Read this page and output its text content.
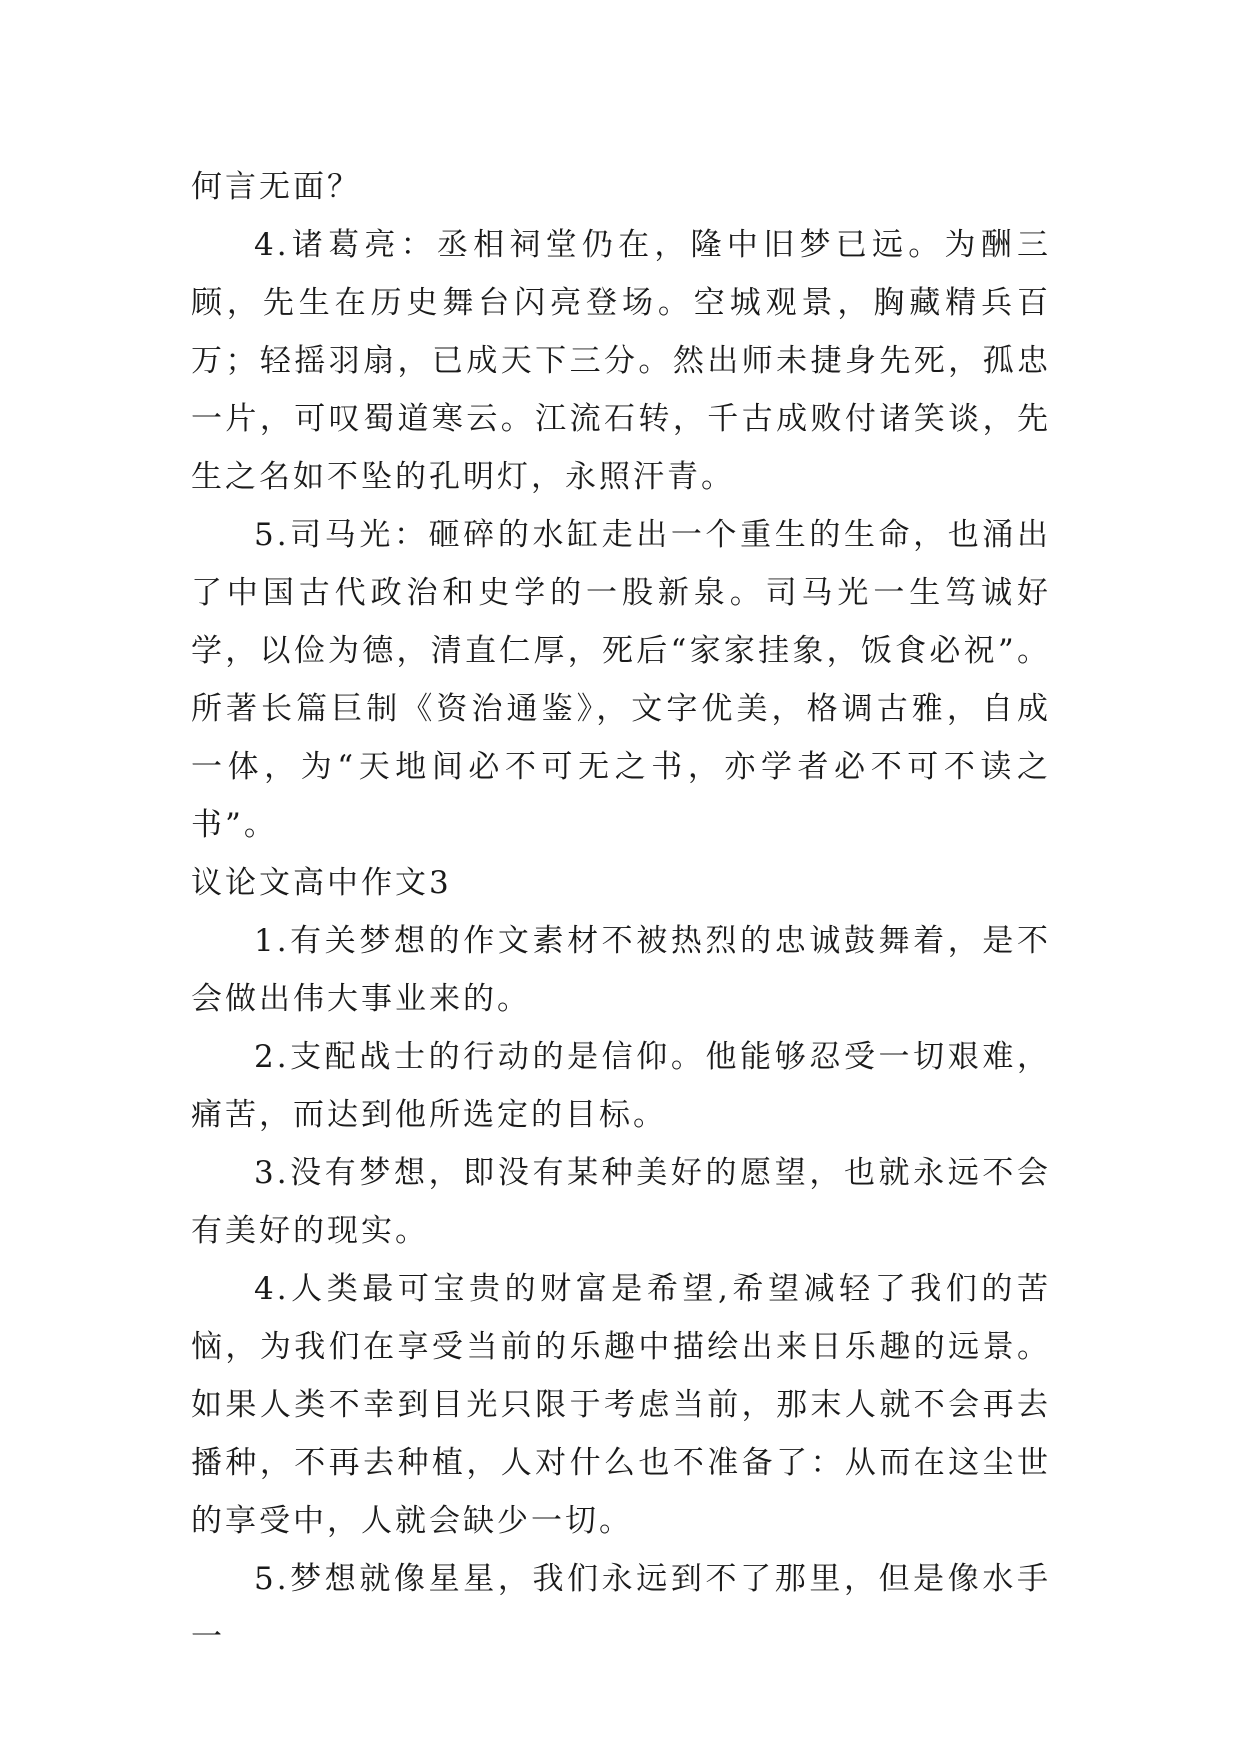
何言无面？

4.诸葛亮：丞相祠堂仍在，隆中旧梦已远。为酬三顾，先生在历史舞台闪亮登场。空城观景，胸藏精兵百万；轻摇羽扇，已成天下三分。然出师未捷身先死，孤忠一片，可叹蜀道寒云。江流石转，千古成败付诸笑谈，先生之名如不坠的孔明灯，永照汗青。

5.司马光：砸碎的水缸走出一个重生的生命，也涌出了中国古代政治和史学的一股新泉。司马光一生笃诚好学，以俭为德，清直仁厚，死后“家家挂象，饭食必祝”。所著长篇巨制《资治通鉴》，文字优美，格调古雅，自成一体，为“天地间必不可无之书，亦学者必不可不读之书”。

议论文高中作文3

1.有关梦想的作文素材不被热烈的忠诚鼓舞着，是不会做出伟大事业来的。

2.支配战士的行动的是信仰。他能够忍受一切艰难，痛苦，而达到他所选定的目标。

3.没有梦想，即没有某种美好的愿望，也就永远不会有美好的现实。

4.人类最可宝贵的财富是希望,希望减轻了我们的苦恼，为我们在享受当前的乐趣中描绘出来日乐趣的远景。如果人类不幸到目光只限于考虑当前，那末人就不会再去播种，不再去种植，人对什么也不准备了：从而在这尘世的享受中，人就会缺少一切。

5.梦想就像星星，我们永远到不了那里，但是像水手一
